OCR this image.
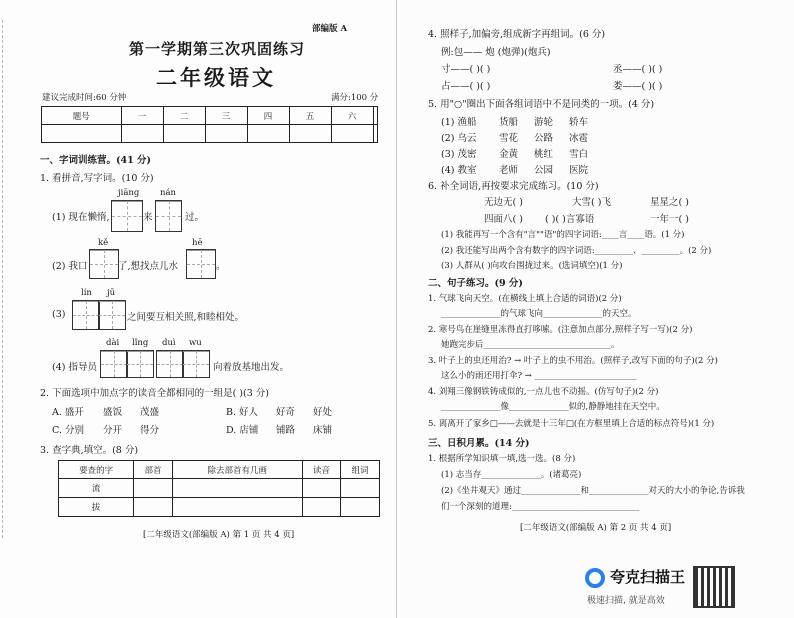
部编版 A
第一学期第三次巩固练习
二年级语文
建议完成时间:60 分钟	满分:100 分
题号	一	二	三	四	五	六	

一、字词训练营。(41 分)
1. 看拼音,写字词。(10 分)
jiāng nán
(1) 现在懒惰,	来	过。
kě	hē
(2) 我口	了,想找点儿水	。
lín jū
(3)	之间要互相关照,和睦相处。
dài lǐng duì wu
(4) 指导员	向着放基地出发。
2. 下面选项中加点字的读音全都相同的一组是( )(3 分)
A. 盛开 盛饭 茂盛	B. 好人 好奇 好处
C. 分别 分开 得分	D. 店铺 铺路 床铺
3. 查字典,填空。(8 分)
要查的字	部首	除去部首有几画	读音	组词
流				
拔				
[二年级语文(部编版 A) 第 1 页 共 4 页]
4. 照样子,加偏旁,组成新字再组词。(6 分)
例:包—— 炮 (炮弹)(炮兵)
寸——( )( )	丞——( )( )
占——( )( )	娄——( )( )
5. 用"○"圈出下面各组词语中不是同类的一项。(4 分)
(1) 渔船 货船 游轮 轿车
(2) 乌云 雪花 公路 冰雹
(3) 茂密 金黄 桃红 雪白
(4) 教室 老师 公园 医院
6. 补全词语,再按要求完成练习。(10 分)
无边无( )	大雪( )飞	星星之( )
四面八( ) ( )( )言寡语	一年一( )
(1) 我能再写一个含有"言""语"的四字词语:____言____语。(1 分)
(2) 我还能写出两个含有数字的四字词语:_________、_________。(2 分)
(3) 人群从( )向攻台围拢过来。(选词填空)(1 分)
二、句子练习。(9 分)
1. 气球飞向天空。(在横线上填上合适的词语)(2 分)
______________的气球飞向______________的天空。
2. 寒号鸟在崖缝里冻得直打哆嗦。(注意加点部分,照样子写一写)(2 分)
她跑完步后______________________________。
3. 叶子上的虫还用治? → 叶子上的虫不用治。(照样子,改写下面的句子)(2 分)
这么小的雨还用打伞? → ________________________
4. 刘翔三像钢铁铸成似的,一点儿也不动摇。(仿写句子)(2 分)
______________像______________似的,静静地挂在天空中。
5. 离离开了家乡□——去就是十三年□(在方框里填上合适的标点符号)(1 分)
三、日积月累。(14 分)
1. 根据所学知识填一填,选一选。(8 分)
(1) 志当存______________。(诸葛亮)
(2)《坐井观天》通过______________和______________对天的大小的争论,告诉我
们一个深刻的道理:______________________________
[二年级语文(部编版 A) 第 2 页 共 4 页]
夸克扫描王
极速扫描, 就是高效
